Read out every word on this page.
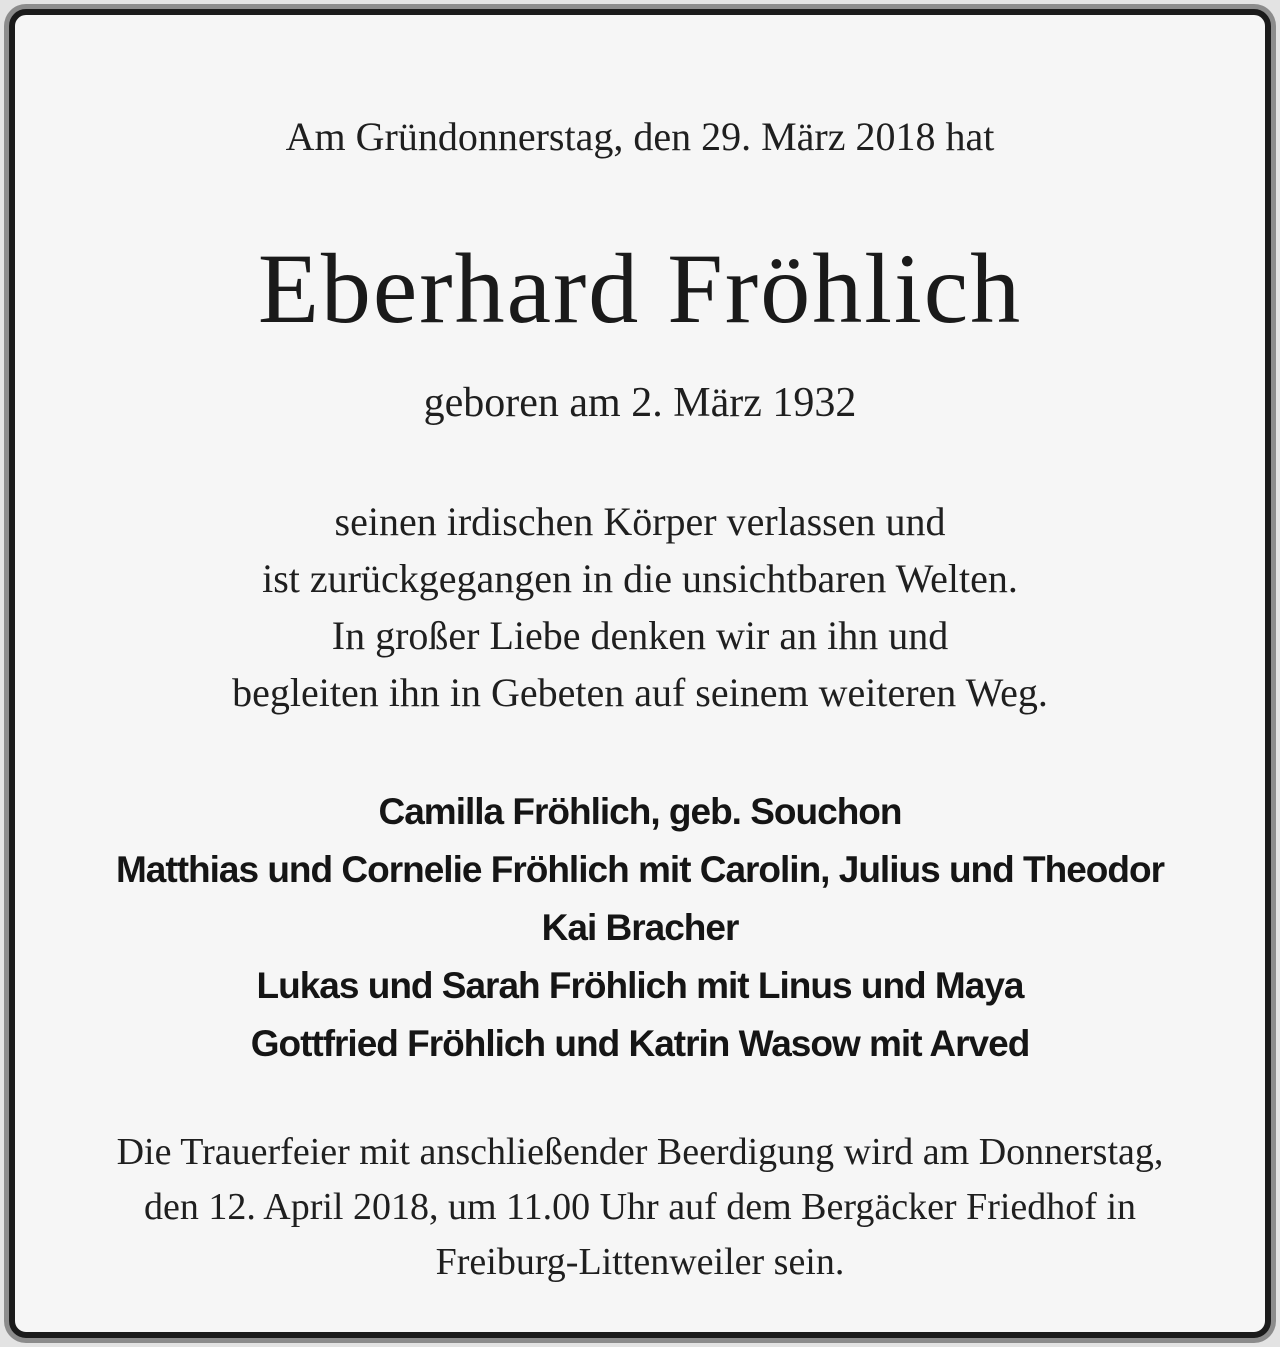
Am Gründonnerstag, den 29. März 2018 hat
Eberhard Fröhlich
geboren am 2. März 1932
seinen irdischen Körper verlassen und
ist zurückgegangen in die unsichtbaren Welten.
In großer Liebe denken wir an ihn und
begleiten ihn in Gebeten auf seinem weiteren Weg.
Camilla Fröhlich, geb. Souchon
Matthias und Cornelie Fröhlich mit Carolin, Julius und Theodor
Kai Bracher
Lukas und Sarah Fröhlich mit Linus und Maya
Gottfried Fröhlich und Katrin Wasow mit Arved
Die Trauerfeier mit anschließender Beerdigung wird am Donnerstag,
den 12. April 2018, um 11.00 Uhr auf dem Bergäcker Friedhof in
Freiburg-Littenweiler sein.
